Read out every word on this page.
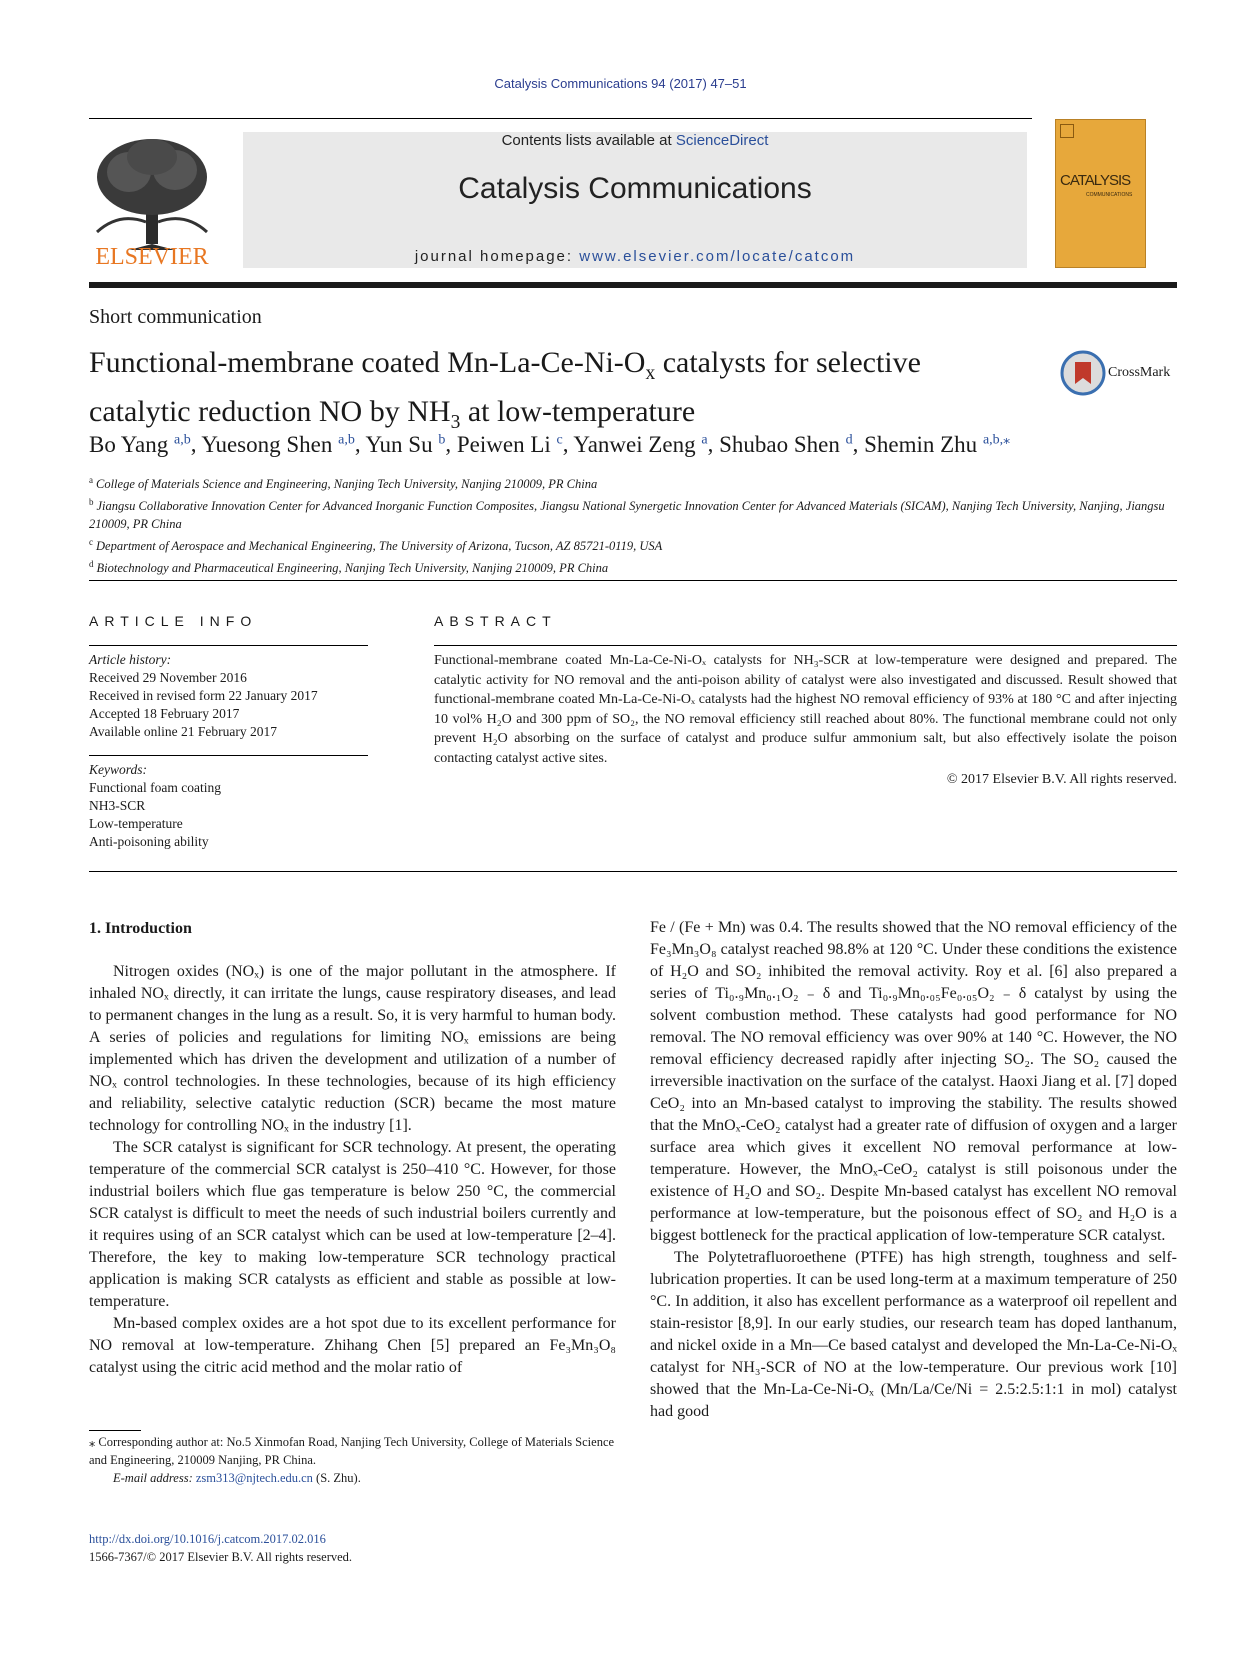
Catalysis Communications 94 (2017) 47–51
ELSEVIER
Contents lists available at ScienceDirect
Catalysis Communications
journal homepage: www.elsevier.com/locate/catcom
CATALYSIS
COMMUNICATIONS
Short communication
Functional-membrane coated $Mn-La-Ce-Ni-O_x$ catalysts for selective catalytic reduction NO by $NH_3$ at low-temperature
CrossMark
Bo Yang $^{a,b}$, Yuesong Shen $^{a,b}$, Yun Su $^b$, Peiwen Li $^c$, Yanwei Zeng $^a$, Shubao Shen $^d$, Shemin Zhu $^{a,b,⁎}$
$^a$ College of Materials Science and Engineering, Nanjing Tech University, Nanjing 210009, PR China
$^b$ Jiangsu Collaborative Innovation Center for Advanced Inorganic Function Composites, Jiangsu National Synergetic Innovation Center for Advanced Materials (SICAM), Nanjing Tech University, Nanjing, Jiangsu 210009, PR China
$^c$ Department of Aerospace and Mechanical Engineering, The University of Arizona, Tucson, AZ 85721-0119, USA
$^d$ Biotechnology and Pharmaceutical Engineering, Nanjing Tech University, Nanjing 210009, PR China
ARTICLE INFO	ABSTRACT
Article history:
Received 29 November 2016
Received in revised form 22 January 2017
Accepted 18 February 2017
Available online 21 February 2017
Keywords:
Functional foam coating
NH3-SCR
Low-temperature
Anti-poisoning ability
Functional-membrane coated Mn-La-Ce-Ni-Oₓ catalysts for NH₃-SCR at low-temperature were designed and prepared. The catalytic activity for NO removal and the anti-poison ability of catalyst were also investigated and discussed. Result showed that functional-membrane coated Mn-La-Ce-Ni-Oₓ catalysts had the highest NO removal efficiency of 93% at 180 °C and after injecting 10 vol% H₂O and 300 ppm of SO₂, the NO removal efficiency still reached about 80%. The functional membrane could not only prevent H₂O absorbing on the surface of catalyst and produce sulfur ammonium salt, but also effectively isolate the poison contacting catalyst active sites.
© 2017 Elsevier B.V. All rights reserved.
1. Introduction

Nitrogen oxides (NOₓ) is one of the major pollutant in the atmosphere. If inhaled NOₓ directly, it can irritate the lungs, cause respiratory diseases, and lead to permanent changes in the lung as a result. So, it is very harmful to human body. A series of policies and regulations for limiting NOₓ emissions are being implemented which has driven the development and utilization of a number of NOₓ control technologies. In these technologies, because of its high efficiency and reliability, selective catalytic reduction (SCR) became the most mature technology for controlling NOₓ in the industry [1].

The SCR catalyst is significant for SCR technology. At present, the operating temperature of the commercial SCR catalyst is 250–410 °C. However, for those industrial boilers which flue gas temperature is below 250 °C, the commercial SCR catalyst is difficult to meet the needs of such industrial boilers currently and it requires using of an SCR catalyst which can be used at low-temperature [2–4]. Therefore, the key to making low-temperature SCR technology practical application is making SCR catalysts as efficient and stable as possible at low-temperature.

Mn-based complex oxides are a hot spot due to its excellent performance for NO removal at low-temperature. Zhihang Chen [5] prepared an Fe₃Mn₃O₈ catalyst using the citric acid method and the molar ratio of

Fe / (Fe + Mn) was 0.4. The results showed that the NO removal efficiency of the Fe₃Mn₃O₈ catalyst reached 98.8% at 120 °C. Under these conditions the existence of H₂O and SO₂ inhibited the removal activity. Roy et al. [6] also prepared a series of Ti₀.₉Mn₀.₁O₂ ₋ δ and Ti₀.₉Mn₀.₀₅Fe₀.₀₅O₂ ₋ δ catalyst by using the solvent combustion method. These catalysts had good performance for NO removal. The NO removal efficiency was over 90% at 140 °C. However, the NO removal efficiency decreased rapidly after injecting SO₂. The SO₂ caused the irreversible inactivation on the surface of the catalyst. Haoxi Jiang et al. [7] doped CeO₂ into an Mn-based catalyst to improving the stability. The results showed that the MnOₓ-CeO₂ catalyst had a greater rate of diffusion of oxygen and a larger surface area which gives it excellent NO removal performance at low-temperature. However, the MnOₓ-CeO₂ catalyst is still poisonous under the existence of H₂O and SO₂. Despite Mn-based catalyst has excellent NO removal performance at low-temperature, but the poisonous effect of SO₂ and H₂O is a biggest bottleneck for the practical application of low-temperature SCR catalyst.

The Polytetrafluoroethene (PTFE) has high strength, toughness and self-lubrication properties. It can be used long-term at a maximum temperature of 250 °C. In addition, it also has excellent performance as a waterproof oil repellent and stain-resistor [8,9]. In our early studies, our research team has doped lanthanum, and nickel oxide in a Mn—Ce based catalyst and developed the Mn-La-Ce-Ni-Oₓ catalyst for NH₃-SCR of NO at the low-temperature. Our previous work [10] showed that the Mn-La-Ce-Ni-Oₓ (Mn/La/Ce/Ni = 2.5:2.5:1:1 in mol) catalyst had good

⁎ Corresponding author at: No.5 Xinmofan Road, Nanjing Tech University, College of Materials Science and Engineering, 210009 Nanjing, PR China.
E-mail address: zsm313@njtech.edu.cn (S. Zhu).
http://dx.doi.org/10.1016/j.catcom.2017.02.016
1566-7367/© 2017 Elsevier B.V. All rights reserved.
